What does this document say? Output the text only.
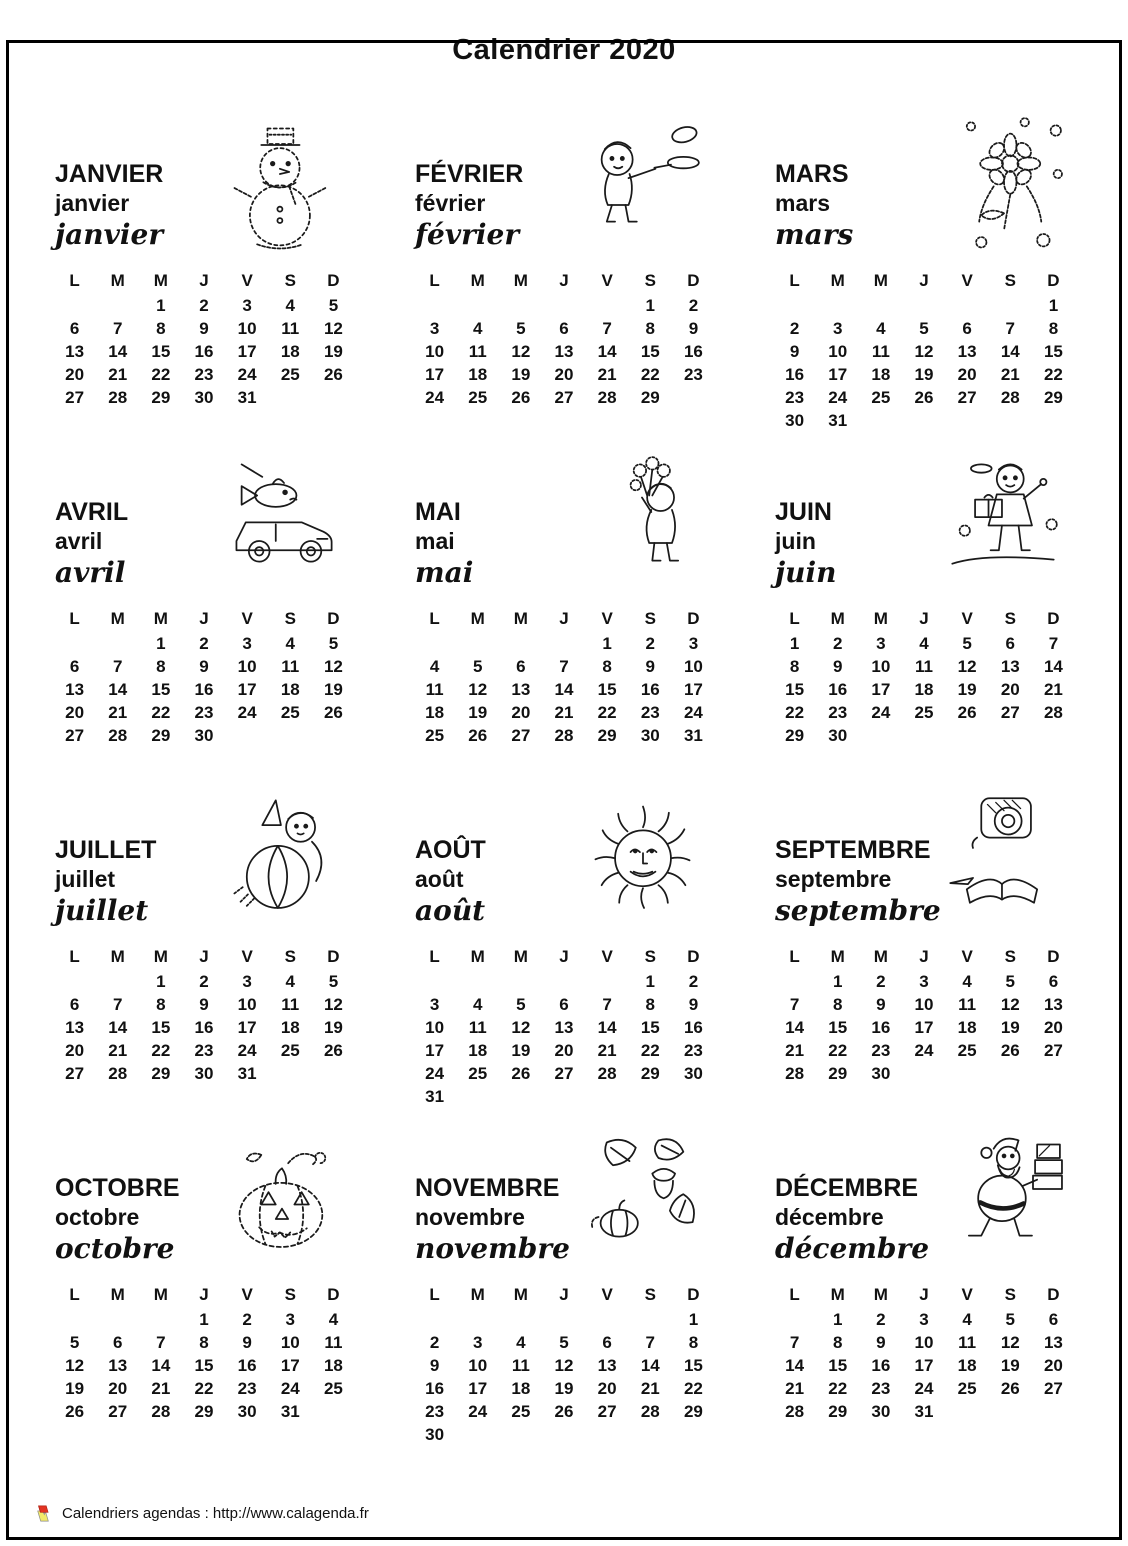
Calendrier 2020
JANVIER
janvier
janvier
L	M	M	J	V	S	D
		1	2	3	4	5
6	7	8	9	10	11	12
13	14	15	16	17	18	19
20	21	22	23	24	25	26
27	28	29	30	31		
FÉVRIER
février
février
L	M	M	J	V	S	D
					1	2
3	4	5	6	7	8	9
10	11	12	13	14	15	16
17	18	19	20	21	22	23
24	25	26	27	28	29	
MARS
mars
mars
L	M	M	J	V	S	D
						1
2	3	4	5	6	7	8
9	10	11	12	13	14	15
16	17	18	19	20	21	22
23	24	25	26	27	28	29
30	31					
AVRIL
avril
avril
L	M	M	J	V	S	D
		1	2	3	4	5
6	7	8	9	10	11	12
13	14	15	16	17	18	19
20	21	22	23	24	25	26
27	28	29	30			
MAI
mai
mai
L	M	M	J	V	S	D
				1	2	3
4	5	6	7	8	9	10
11	12	13	14	15	16	17
18	19	20	21	22	23	24
25	26	27	28	29	30	31
JUIN
juin
juin
L	M	M	J	V	S	D
1	2	3	4	5	6	7
8	9	10	11	12	13	14
15	16	17	18	19	20	21
22	23	24	25	26	27	28
29	30					
JUILLET
juillet
juillet
L	M	M	J	V	S	D
		1	2	3	4	5
6	7	8	9	10	11	12
13	14	15	16	17	18	19
20	21	22	23	24	25	26
27	28	29	30	31		
AOÛT
août
août
L	M	M	J	V	S	D
					1	2
3	4	5	6	7	8	9
10	11	12	13	14	15	16
17	18	19	20	21	22	23
24	25	26	27	28	29	30
31						
SEPTEMBRE
septembre
septembre
L	M	M	J	V	S	D
	1	2	3	4	5	6
7	8	9	10	11	12	13
14	15	16	17	18	19	20
21	22	23	24	25	26	27
28	29	30				
OCTOBRE
octobre
octobre
L	M	M	J	V	S	D
			1	2	3	4
5	6	7	8	9	10	11
12	13	14	15	16	17	18
19	20	21	22	23	24	25
26	27	28	29	30	31	
NOVEMBRE
novembre
novembre
L	M	M	J	V	S	D
						1
2	3	4	5	6	7	8
9	10	11	12	13	14	15
16	17	18	19	20	21	22
23	24	25	26	27	28	29
30						
DÉCEMBRE
décembre
décembre
L	M	M	J	V	S	D
	1	2	3	4	5	6
7	8	9	10	11	12	13
14	15	16	17	18	19	20
21	22	23	24	25	26	27
28	29	30	31			
Calendriers agendas : http://www.calagenda.fr
